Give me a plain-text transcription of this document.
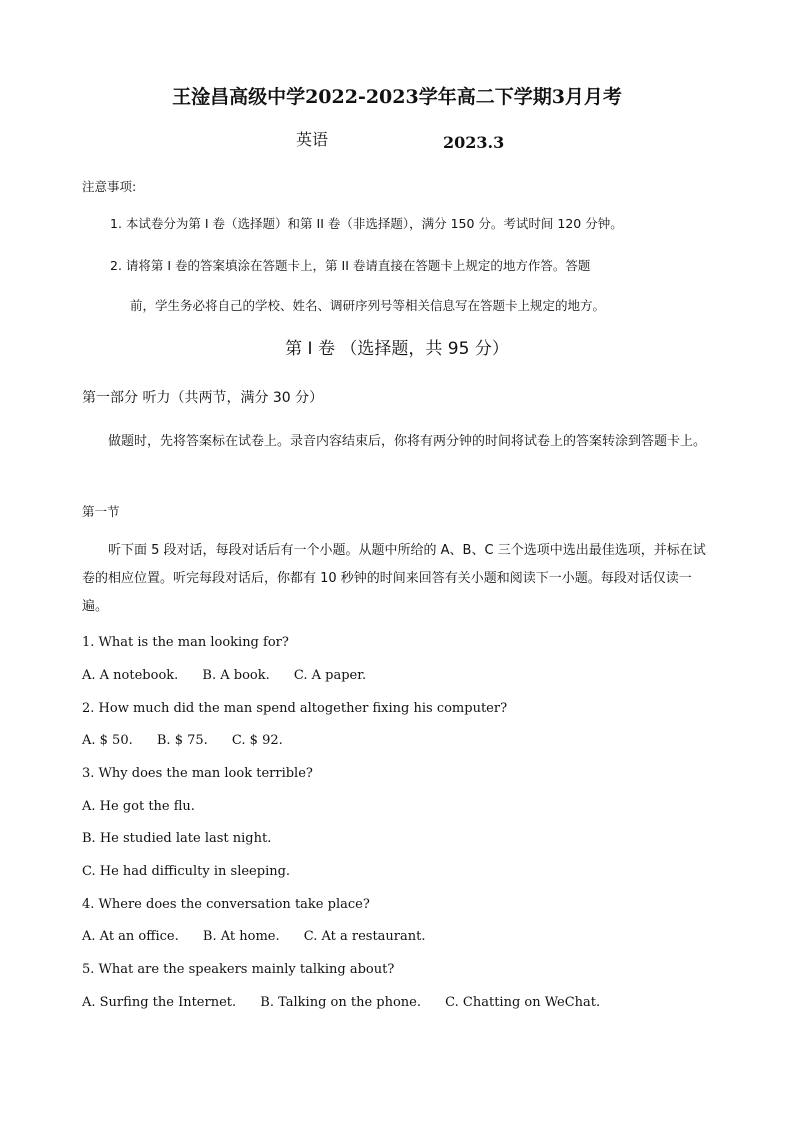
王淦昌高级中学2022-2023学年高二下学期3月月考
英语	2023.3
注意事项:
1. 本试卷分为第 I 卷（选择题）和第 II 卷（非选择题），满分 150 分。考试时间 120 分钟。
2. 请将第 I 卷的答案填涂在答题卡上，第 II 卷请直接在答题卡上规定的地方作答。答题
前，学生务必将自己的学校、姓名、调研序列号等相关信息写在答题卡上规定的地方。
第 I 卷 （选择题，共 95 分）
第一部分 听力（共两节，满分 30 分）
做题时，先将答案标在试卷上。录音内容结束后，你将有两分钟的时间将试卷上的答案转涂到答题卡上。
第一节
听下面 5 段对话，每段对话后有一个小题。从题中所给的 A、B、C 三个选项中选出最佳选项，并标在试卷的相应位置。听完每段对话后，你都有 10 秒钟的时间来回答有关小题和阅读下一小题。每段对话仅读一遍。
1. What is the man looking for?
A. A notebook. B. A book. C. A paper.
2. How much did the man spend altogether fixing his computer?
A. $ 50. B. $ 75. C. $ 92.
3. Why does the man look terrible?
A. He got the flu.
B. He studied late last night.
C. He had difficulty in sleeping.
4. Where does the conversation take place?
A. At an office. B. At home. C. At a restaurant.
5. What are the speakers mainly talking about?
A. Surfing the Internet. B. Talking on the phone. C. Chatting on WeChat.
